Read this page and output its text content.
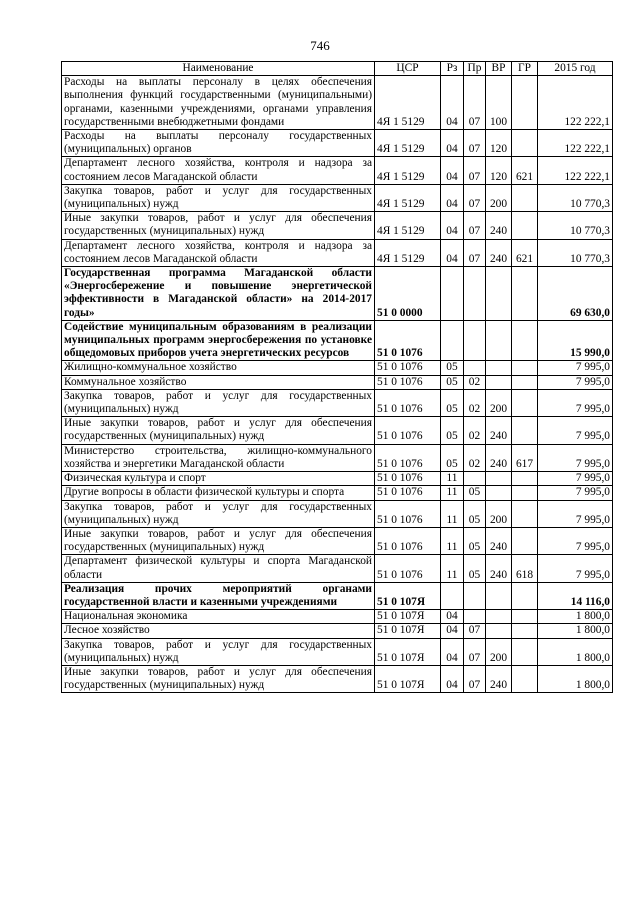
746
Наименование	ЦСР	Рз	Пр	ВР	ГР	2015 год
Расходы на выплаты персоналу в целях обеспечения выполнения функций государственными (муниципальными) органами, казенными учреждениями, органами управления государственными внебюджетными фондами	4Я 1 5129	04	07	100		122 222,1
Расходы на выплаты персоналу государственных (муниципальных) органов	4Я 1 5129	04	07	120		122 222,1
Департамент лесного хозяйства, контроля и надзора за состоянием лесов Магаданской области	4Я 1 5129	04	07	120	621	122 222,1
Закупка товаров, работ и услуг для государственных (муниципальных) нужд	4Я 1 5129	04	07	200		10 770,3
Иные закупки товаров, работ и услуг для обеспечения государственных (муниципальных) нужд	4Я 1 5129	04	07	240		10 770,3
Департамент лесного хозяйства, контроля и надзора за состоянием лесов Магаданской области	4Я 1 5129	04	07	240	621	10 770,3
Государственная программа Магаданской области «Энергосбережение и повышение энергетической эффективности в Магаданской области» на 2014-2017 годы»	51 0 0000					69 630,0
Содействие муниципальным образованиям в реализации муниципальных программ энергосбережения по установке общедомовых приборов учета энергетических ресурсов	51 0 1076					15 990,0
Жилищно-коммунальное хозяйство	51 0 1076	05				7 995,0
Коммунальное хозяйство	51 0 1076	05	02			7 995,0
Закупка товаров, работ и услуг для государственных (муниципальных) нужд	51 0 1076	05	02	200		7 995,0
Иные закупки товаров, работ и услуг для обеспечения государственных (муниципальных) нужд	51 0 1076	05	02	240		7 995,0
Министерство строительства, жилищно-коммунального хозяйства и энергетики Магаданской области	51 0 1076	05	02	240	617	7 995,0
Физическая культура и спорт	51 0 1076	11				7 995,0
Другие вопросы в области физической культуры и спорта	51 0 1076	11	05			7 995,0
Закупка товаров, работ и услуг для государственных (муниципальных) нужд	51 0 1076	11	05	200		7 995,0
Иные закупки товаров, работ и услуг для обеспечения государственных (муниципальных) нужд	51 0 1076	11	05	240		7 995,0
Департамент физической культуры и спорта Магаданской области	51 0 1076	11	05	240	618	7 995,0
Реализация прочих мероприятий органами государственной власти и казенными учреждениями	51 0 107Я					14 116,0
Национальная экономика	51 0 107Я	04				1 800,0
Лесное хозяйство	51 0 107Я	04	07			1 800,0
Закупка товаров, работ и услуг для государственных (муниципальных) нужд	51 0 107Я	04	07	200		1 800,0
Иные закупки товаров, работ и услуг для обеспечения государственных (муниципальных) нужд	51 0 107Я	04	07	240		1 800,0
